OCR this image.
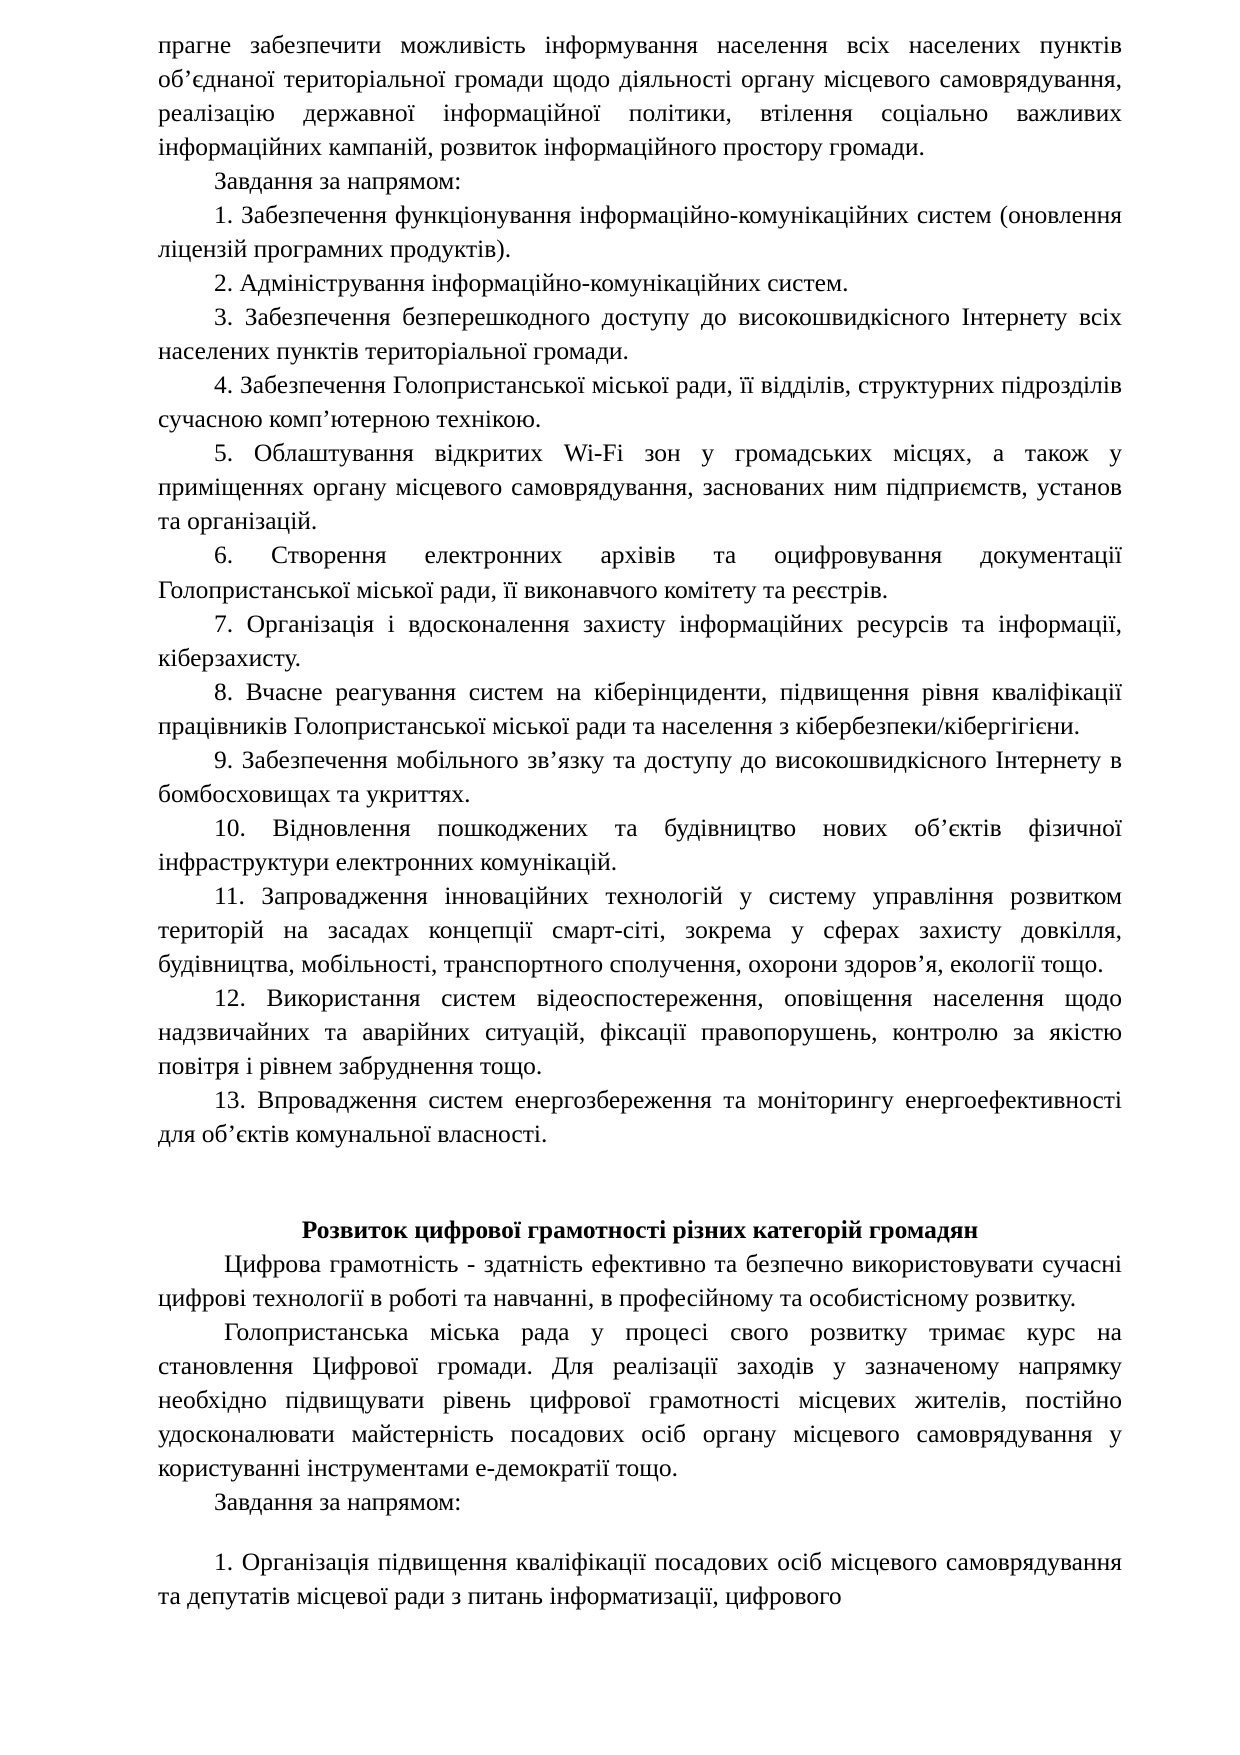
прагне забезпечити можливість інформування населення всіх населених пунктів об’єднаної територіальної громади щодо діяльності органу місцевого самоврядування, реалізацію державної інформаційної політики, втілення соціально важливих інформаційних кампаній, розвиток інформаційного простору громади.

Завдання за напрямом:

1. Забезпечення функціонування інформаційно-комунікаційних систем (оновлення ліцензій програмних продуктів).

2. Адміністрування інформаційно-комунікаційних систем.

3. Забезпечення безперешкодного доступу до високошвидкісного Інтернету всіх населених пунктів територіальної громади.

4. Забезпечення Голопристанської міської ради, її відділів, структурних підрозділів сучасною комп’ютерною технікою.

5. Облаштування відкритих Wi-Fi зон у громадських місцях, а також у приміщеннях органу місцевого самоврядування, заснованих ним підприємств, установ та організацій.

6. Створення електронних архівів та оцифровування документації Голопристанської міської ради, її виконавчого комітету та реєстрів.

7. Організація і вдосконалення захисту інформаційних ресурсів та інформації, кіберзахисту.

8. Вчасне реагування систем на кіберінциденти, підвищення рівня кваліфікації працівників Голопристанської міської ради та населення з кібербезпеки/кібергігієни.

9. Забезпечення мобільного зв’язку та доступу до високошвидкісного Інтернету в бомбосховищах та укриттях.

10. Відновлення пошкоджених та будівництво нових об’єктів фізичної інфраструктури електронних комунікацій.

11. Запровадження інноваційних технологій у систему управління розвитком територій на засадах концепції смарт-сіті, зокрема у сферах захисту довкілля, будівництва, мобільності, транспортного сполучення, охорони здоров’я, екології тощо.

12. Використання систем відеоспостереження, оповіщення населення щодо надзвичайних та аварійних ситуацій, фіксації правопорушень, контролю за якістю повітря і рівнем забруднення тощо.

13. Впровадження систем енергозбереження та моніторингу енергоефективності для об’єктів комунальної власності.

Розвиток цифрової грамотності різних категорій громадян

Цифрова грамотність - здатність ефективно та безпечно використовувати сучасні цифрові технології в роботі та навчанні, в професійному та особистісному розвитку.

Голопристанська міська рада у процесі свого розвитку тримає курс на становлення Цифрової громади. Для реалізації заходів у зазначеному напрямку необхідно підвищувати рівень цифрової грамотності місцевих жителів, постійно удосконалювати майстерність посадових осіб органу місцевого самоврядування у користуванні інструментами е-демократії тощо.

Завдання за напрямом:

1. Організація підвищення кваліфікації посадових осіб місцевого самоврядування та депутатів місцевої ради з питань інформатизації, цифрового
